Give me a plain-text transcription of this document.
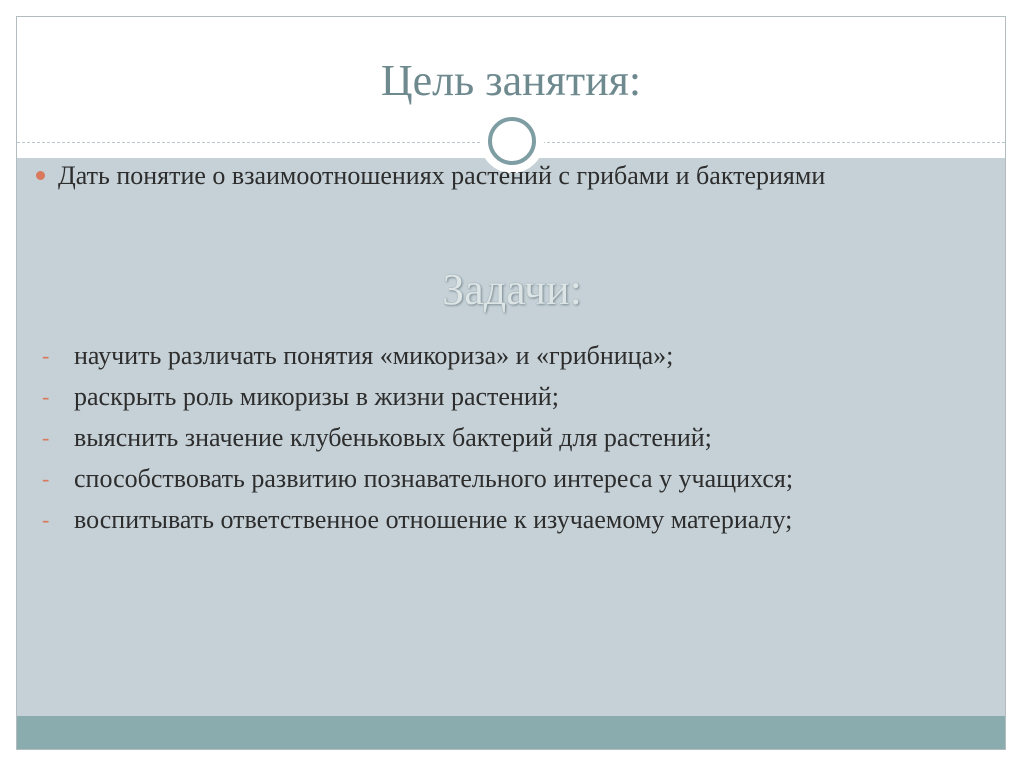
Цель занятия:
Дать понятие о взаимоотношениях растений с грибами и бактериями
Задачи:
- научить различать понятия «микориза» и «грибница»;
- раскрыть роль микоризы в жизни растений;
- выяснить значение клубеньковых бактерий для растений;
- способствовать развитию познавательного интереса у учащихся;
- воспитывать ответственное отношение к изучаемому материалу;
